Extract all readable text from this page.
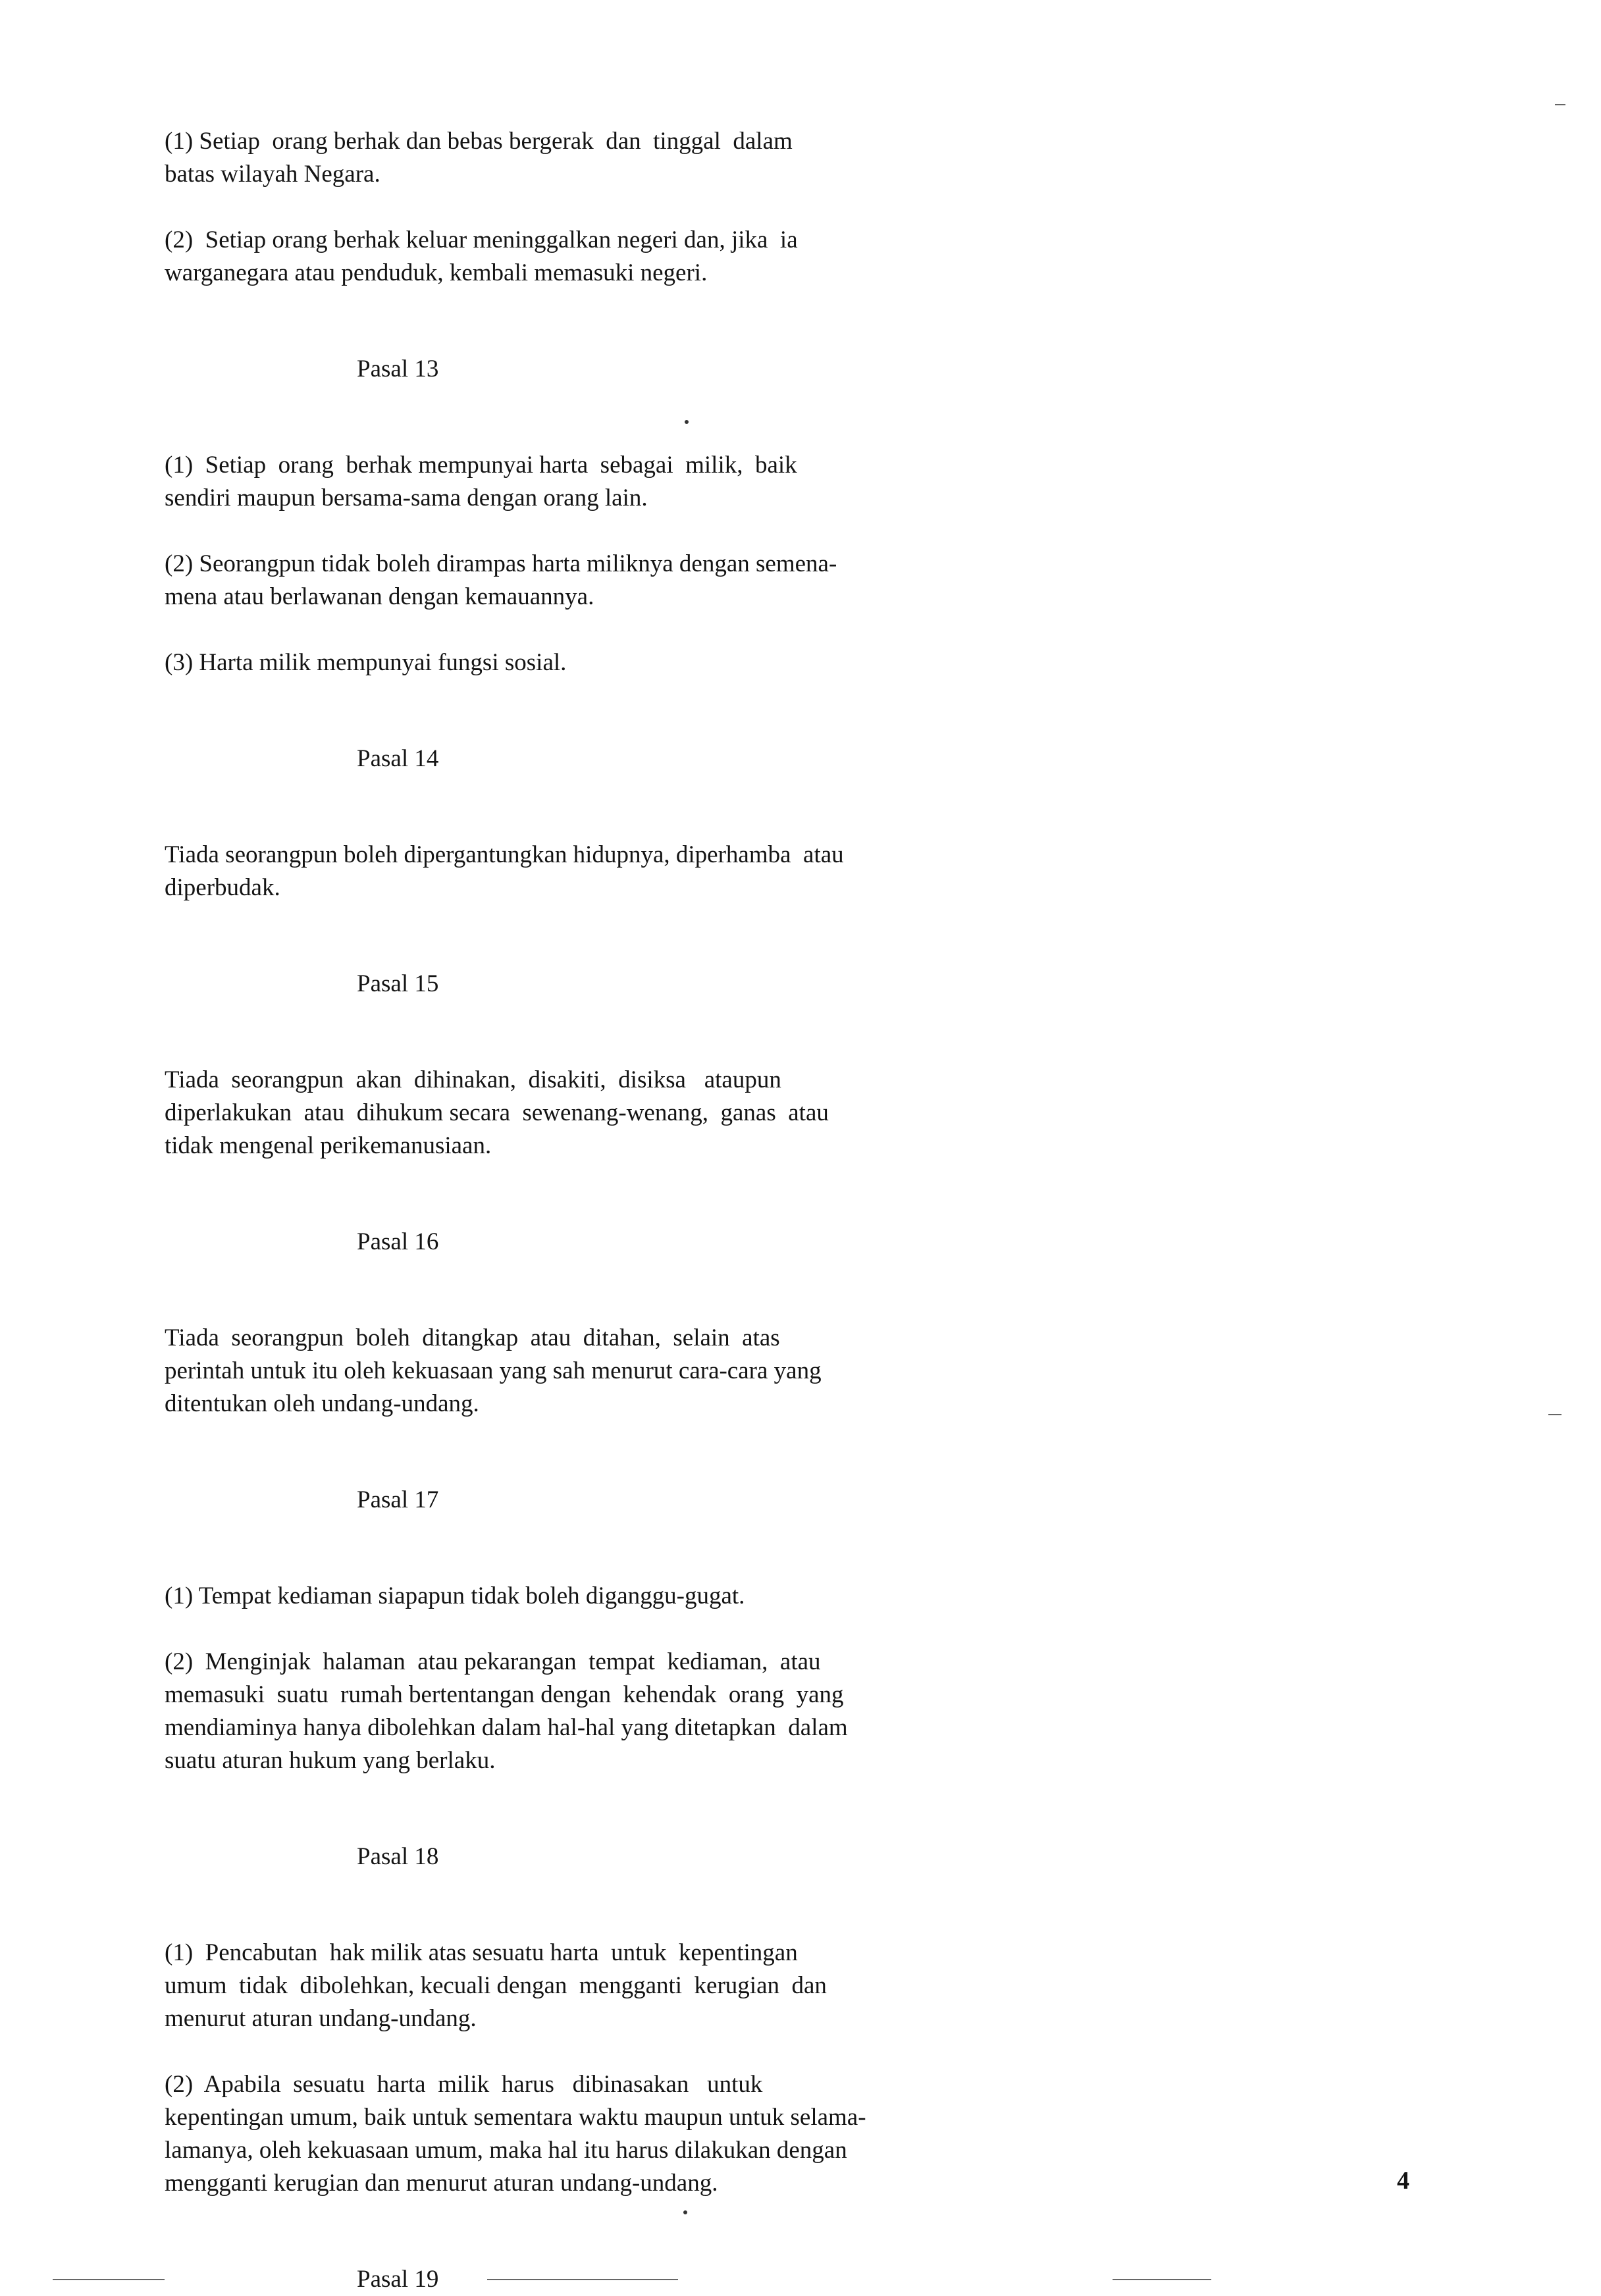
(1) Setiap  orang berhak dan bebas bergerak  dan  tinggal  dalam
batas wilayah Negara.
(2)  Setiap orang berhak keluar meninggalkan negeri dan, jika  ia
warganegara atau penduduk, kembali memasuki negeri.
Pasal 13
(1)  Setiap  orang  berhak mempunyai harta  sebagai  milik,  baik
sendiri maupun bersama-sama dengan orang lain.
(2) Seorangpun tidak boleh dirampas harta miliknya dengan semena-
mena atau berlawanan dengan kemauannya.
(3) Harta milik mempunyai fungsi sosial.
Pasal 14
Tiada seorangpun boleh dipergantungkan hidupnya, diperhamba  atau
diperbudak.
Pasal 15
Tiada  seorangpun  akan  dihinakan,  disakiti,  disiksa   ataupun
diperlakukan  atau  dihukum secara  sewenang-wenang,  ganas  atau
tidak mengenal perikemanusiaan.
Pasal 16
Tiada  seorangpun  boleh  ditangkap  atau  ditahan,  selain  atas
perintah untuk itu oleh kekuasaan yang sah menurut cara-cara yang
ditentukan oleh undang-undang.
Pasal 17
(1) Tempat kediaman siapapun tidak boleh diganggu-gugat.
(2)  Menginjak  halaman  atau pekarangan  tempat  kediaman,  atau
memasuki  suatu  rumah bertentangan dengan  kehendak  orang  yang
mendiaminya hanya dibolehkan dalam hal-hal yang ditetapkan  dalam
suatu aturan hukum yang berlaku.
Pasal 18
(1)  Pencabutan  hak milik atas sesuatu harta  untuk  kepentingan
umum  tidak  dibolehkan, kecuali dengan  mengganti  kerugian  dan
menurut aturan undang-undang.
(2)  Apabila  sesuatu  harta  milik  harus   dibinasakan   untuk
kepentingan umum, baik untuk sementara waktu maupun untuk selama-
lamanya, oleh kekuasaan umum, maka hal itu harus dilakukan dengan
mengganti kerugian dan menurut aturan undang-undang.
Pasal 19
4
